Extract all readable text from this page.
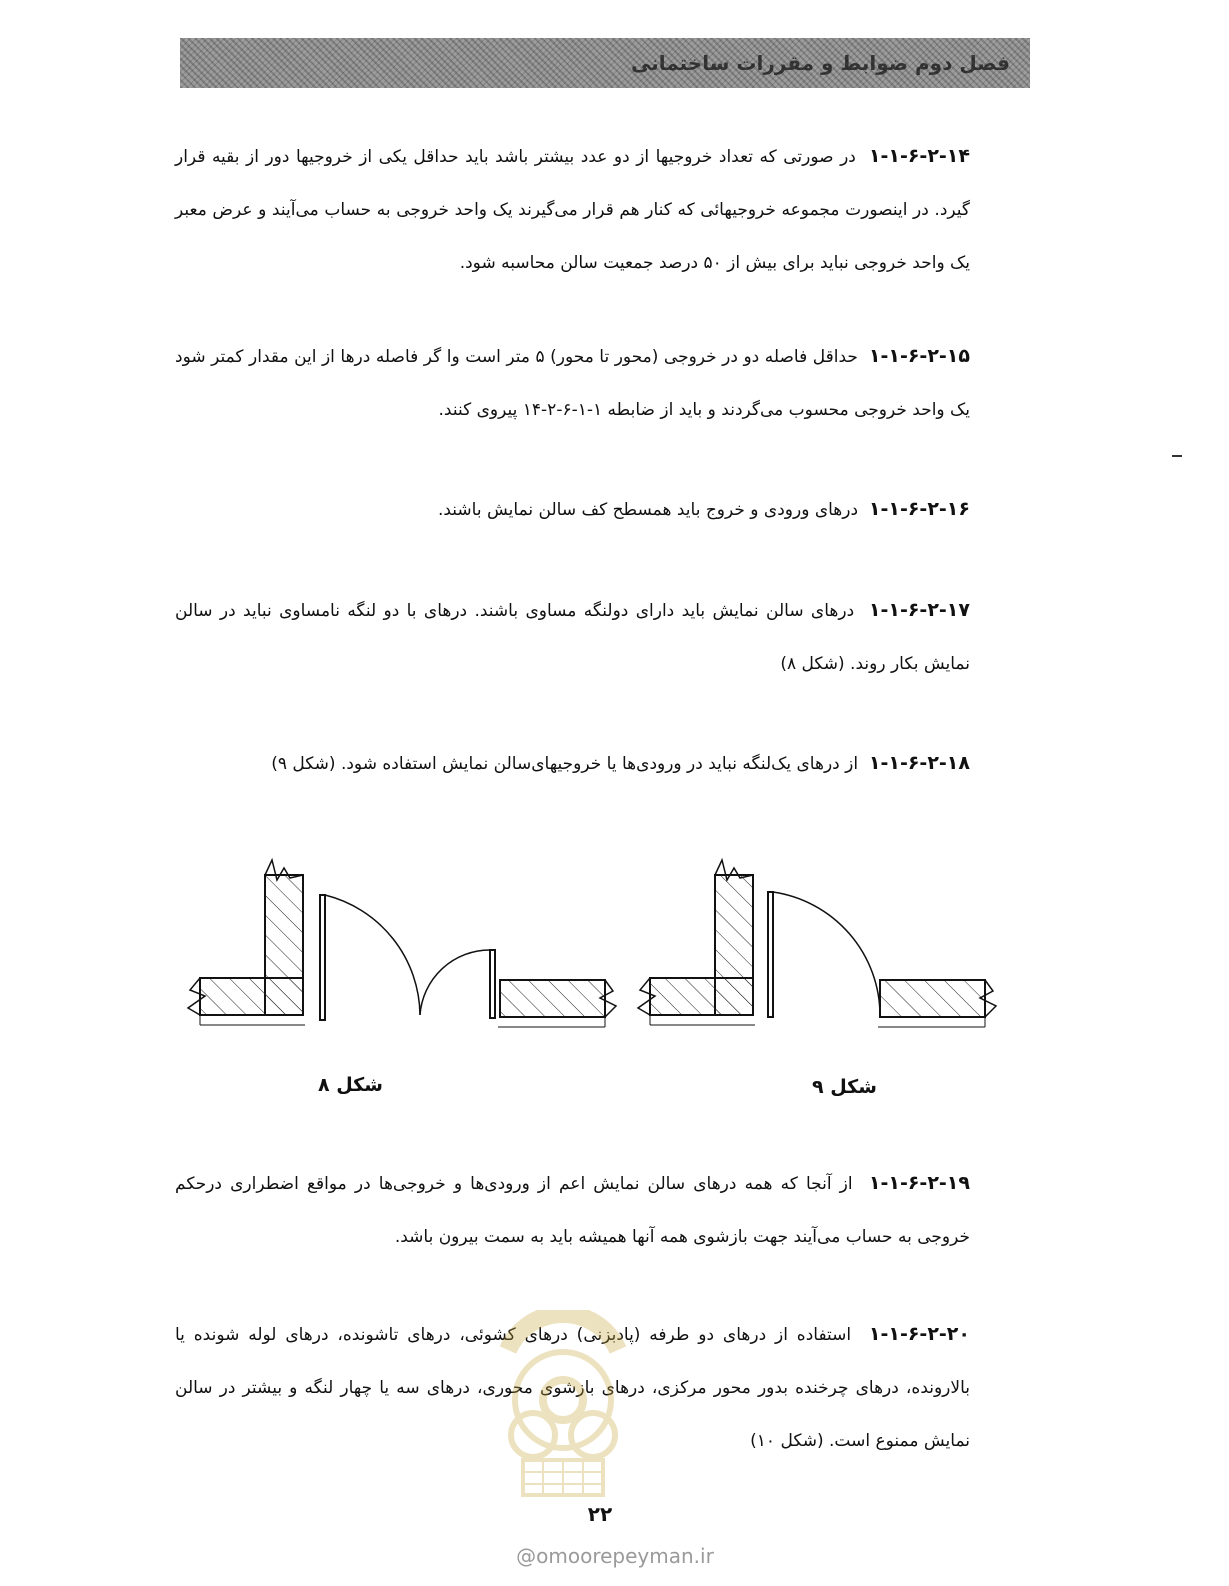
فصل دوم ضوابط و مقررات ساختمانی

۱-۱-۶-۲-۱۴  در صورتی که تعداد خروجیها از دو عدد بیشتر باشد باید حداقل یکی از خروجیها دور از بقیه قرار گیرد. در اینصورت مجموعه خروجیهائی که کنار هم قرار می‌گیرند یک واحد خروجی به حساب می‌آیند و عرض معبر یک واحد خروجی نباید برای بیش از ۵۰ درصد جمعیت سالن محاسبه شود.

۱-۱-۶-۲-۱۵  حداقل فاصله دو در خروجی (محور تا محور) ۵ متر است وا گر فاصله درها از این مقدار کمتر شود یک واحد خروجی محسوب می‌گردند و باید از ضابطه ۱-۱-۶-۲-۱۴ پیروی کنند.

۱-۱-۶-۲-۱۶  درهای ورودی و خروج باید همسطح کف سالن نمایش باشند.

۱-۱-۶-۲-۱۷  درهای سالن نمایش باید دارای دولنگه مساوی باشند. درهای با دو لنگه نامساوی نباید در سالن نمایش بکار روند. (شکل ۸)

۱-۱-۶-۲-۱۸  از درهای یک‌لنگه نباید در ورودی‌ها یا خروجیهای‌سالن نمایش استفاده شود. (شکل ۹)

شکل ۸	شکل ۹

۱-۱-۶-۲-۱۹  از آنجا که همه درهای سالن نمایش اعم از ورودی‌ها و خروجی‌ها در مواقع اضطراری درحکم خروجی به حساب می‌آیند جهت بازشوی همه آنها همیشه باید به سمت بیرون باشد.

۱-۱-۶-۲-۲۰  استفاده از درهای دو طرفه (پادبزنی) درهای کشوئی، درهای تاشونده، درهای لوله شونده یا بالارونده، درهای چرخنده بدور محور مرکزی، درهای بازشوی محوری، درهای سه یا چهار لنگه و بیشتر در سالن نمایش ممنوع است. (شکل ۱۰)

۲۲
@omoorepeyman.ir
